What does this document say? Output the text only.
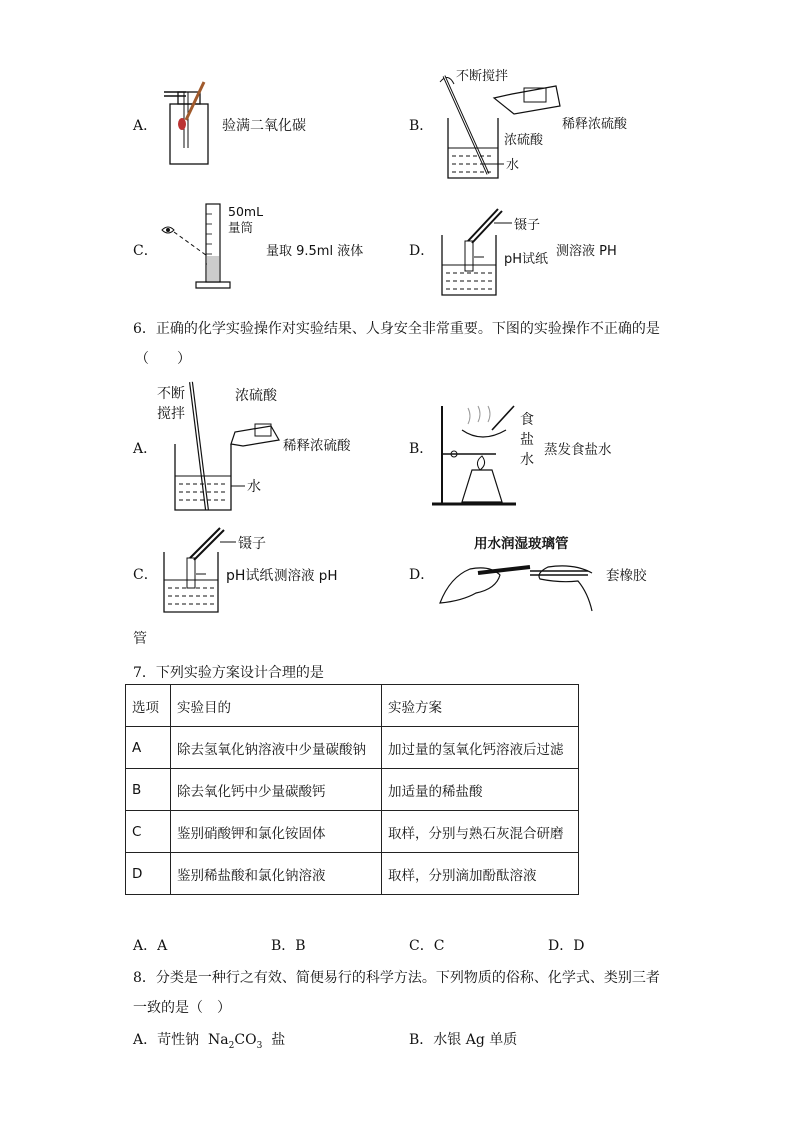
A．	验满二氧化碳	B．
不断搅拌
稀释浓硫酸
浓硫酸
水
C．
50mL
量筒
量取 9.5ml 液体	D．
镊子
pH试纸
测溶液 PH
6．正确的化学实验操作对实验结果、人身安全非常重要。下图的实验操作不正确的是
（　　）
A．
不断
搅拌
浓硫酸
稀释浓硫酸
水
B．
食
盐
水
蒸发食盐水
C．
镊子
pH试纸 测溶液 pH	D．
用水润湿玻璃管
套橡胶
管
7．下列实验方案设计合理的是
选项	实验目的	实验方案
A	除去氢氧化钠溶液中少量碳酸钠	加过量的氢氧化钙溶液后过滤
B	除去氧化钙中少量碳酸钙	加适量的稀盐酸
C	鉴别硝酸钾和氯化铵固体	取样，分别与熟石灰混合研磨
D	鉴别稀盐酸和氯化钠溶液	取样，分别滴加酚酞溶液
A．A	B．B	C．C	D．D
8．分类是一种行之有效、简便易行的科学方法。下列物质的俗称、化学式、类别三者
一致的是（　）
A．苛性钠 $Na_2CO_3$ 盐	B．水银 Ag 单质
